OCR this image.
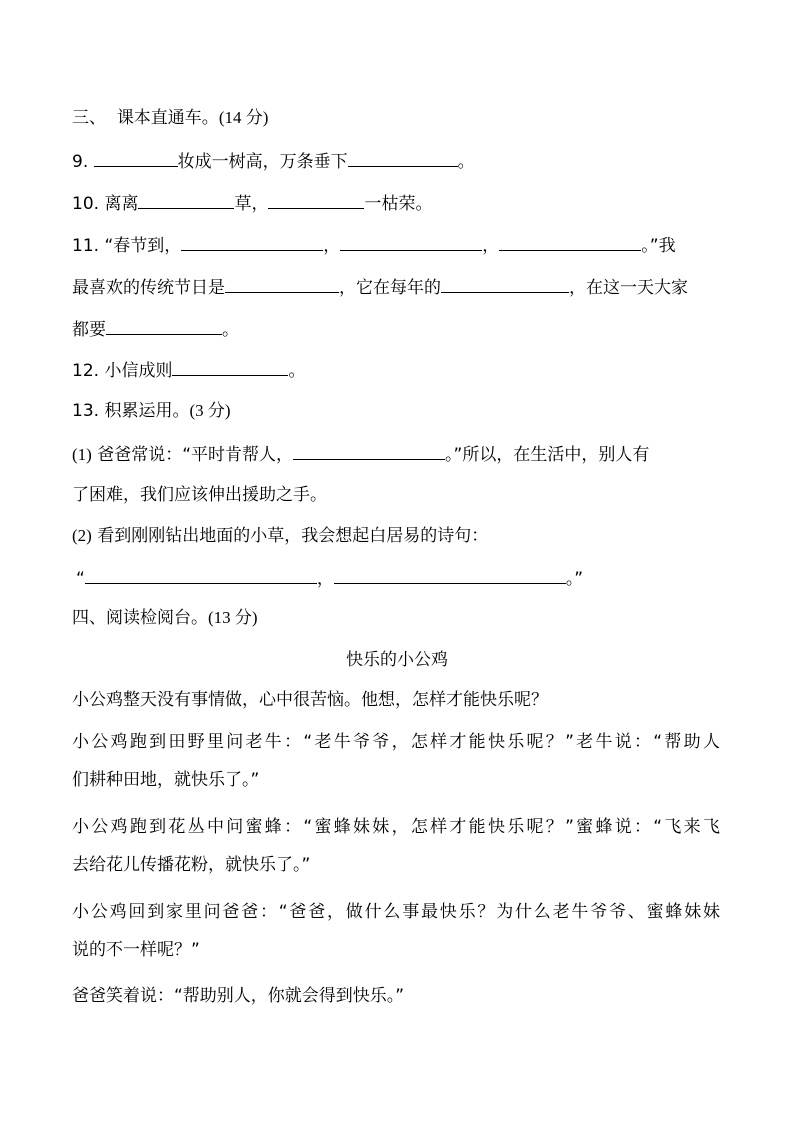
三、 课本直通车。(14 分)
9.	妆成一树高，万条垂下	。
10. 离离	草，	一枯荣。
11. “春节到，	，	，	。”我
最喜欢的传统节日是	，它在每年的	，在这一天大家
都要	。
12. 小信成则	。
13. 积累运用。(3 分)
(1) 爸爸常说：“平时肯帮人，	。”所以，在生活中，别人有
了困难，我们应该伸出援助之手。
(2) 看到刚刚钻出地面的小草，我会想起白居易的诗句：
“	，	。”
四、阅读检阅台。(13 分)
快乐的小公鸡
小公鸡整天没有事情做，心中很苦恼。他想，怎样才能快乐呢？
小公鸡跑到田野里问老牛：“老牛爷爷，怎样才能快乐呢？”老牛说：“帮助人
们耕种田地，就快乐了。”
小公鸡跑到花丛中问蜜蜂：“蜜蜂妹妹，怎样才能快乐呢？”蜜蜂说：“飞来飞
去给花儿传播花粉，就快乐了。”
小公鸡回到家里问爸爸：“爸爸，做什么事最快乐？为什么老牛爷爷、蜜蜂妹妹
说的不一样呢？”
爸爸笑着说：“帮助别人，你就会得到快乐。”
